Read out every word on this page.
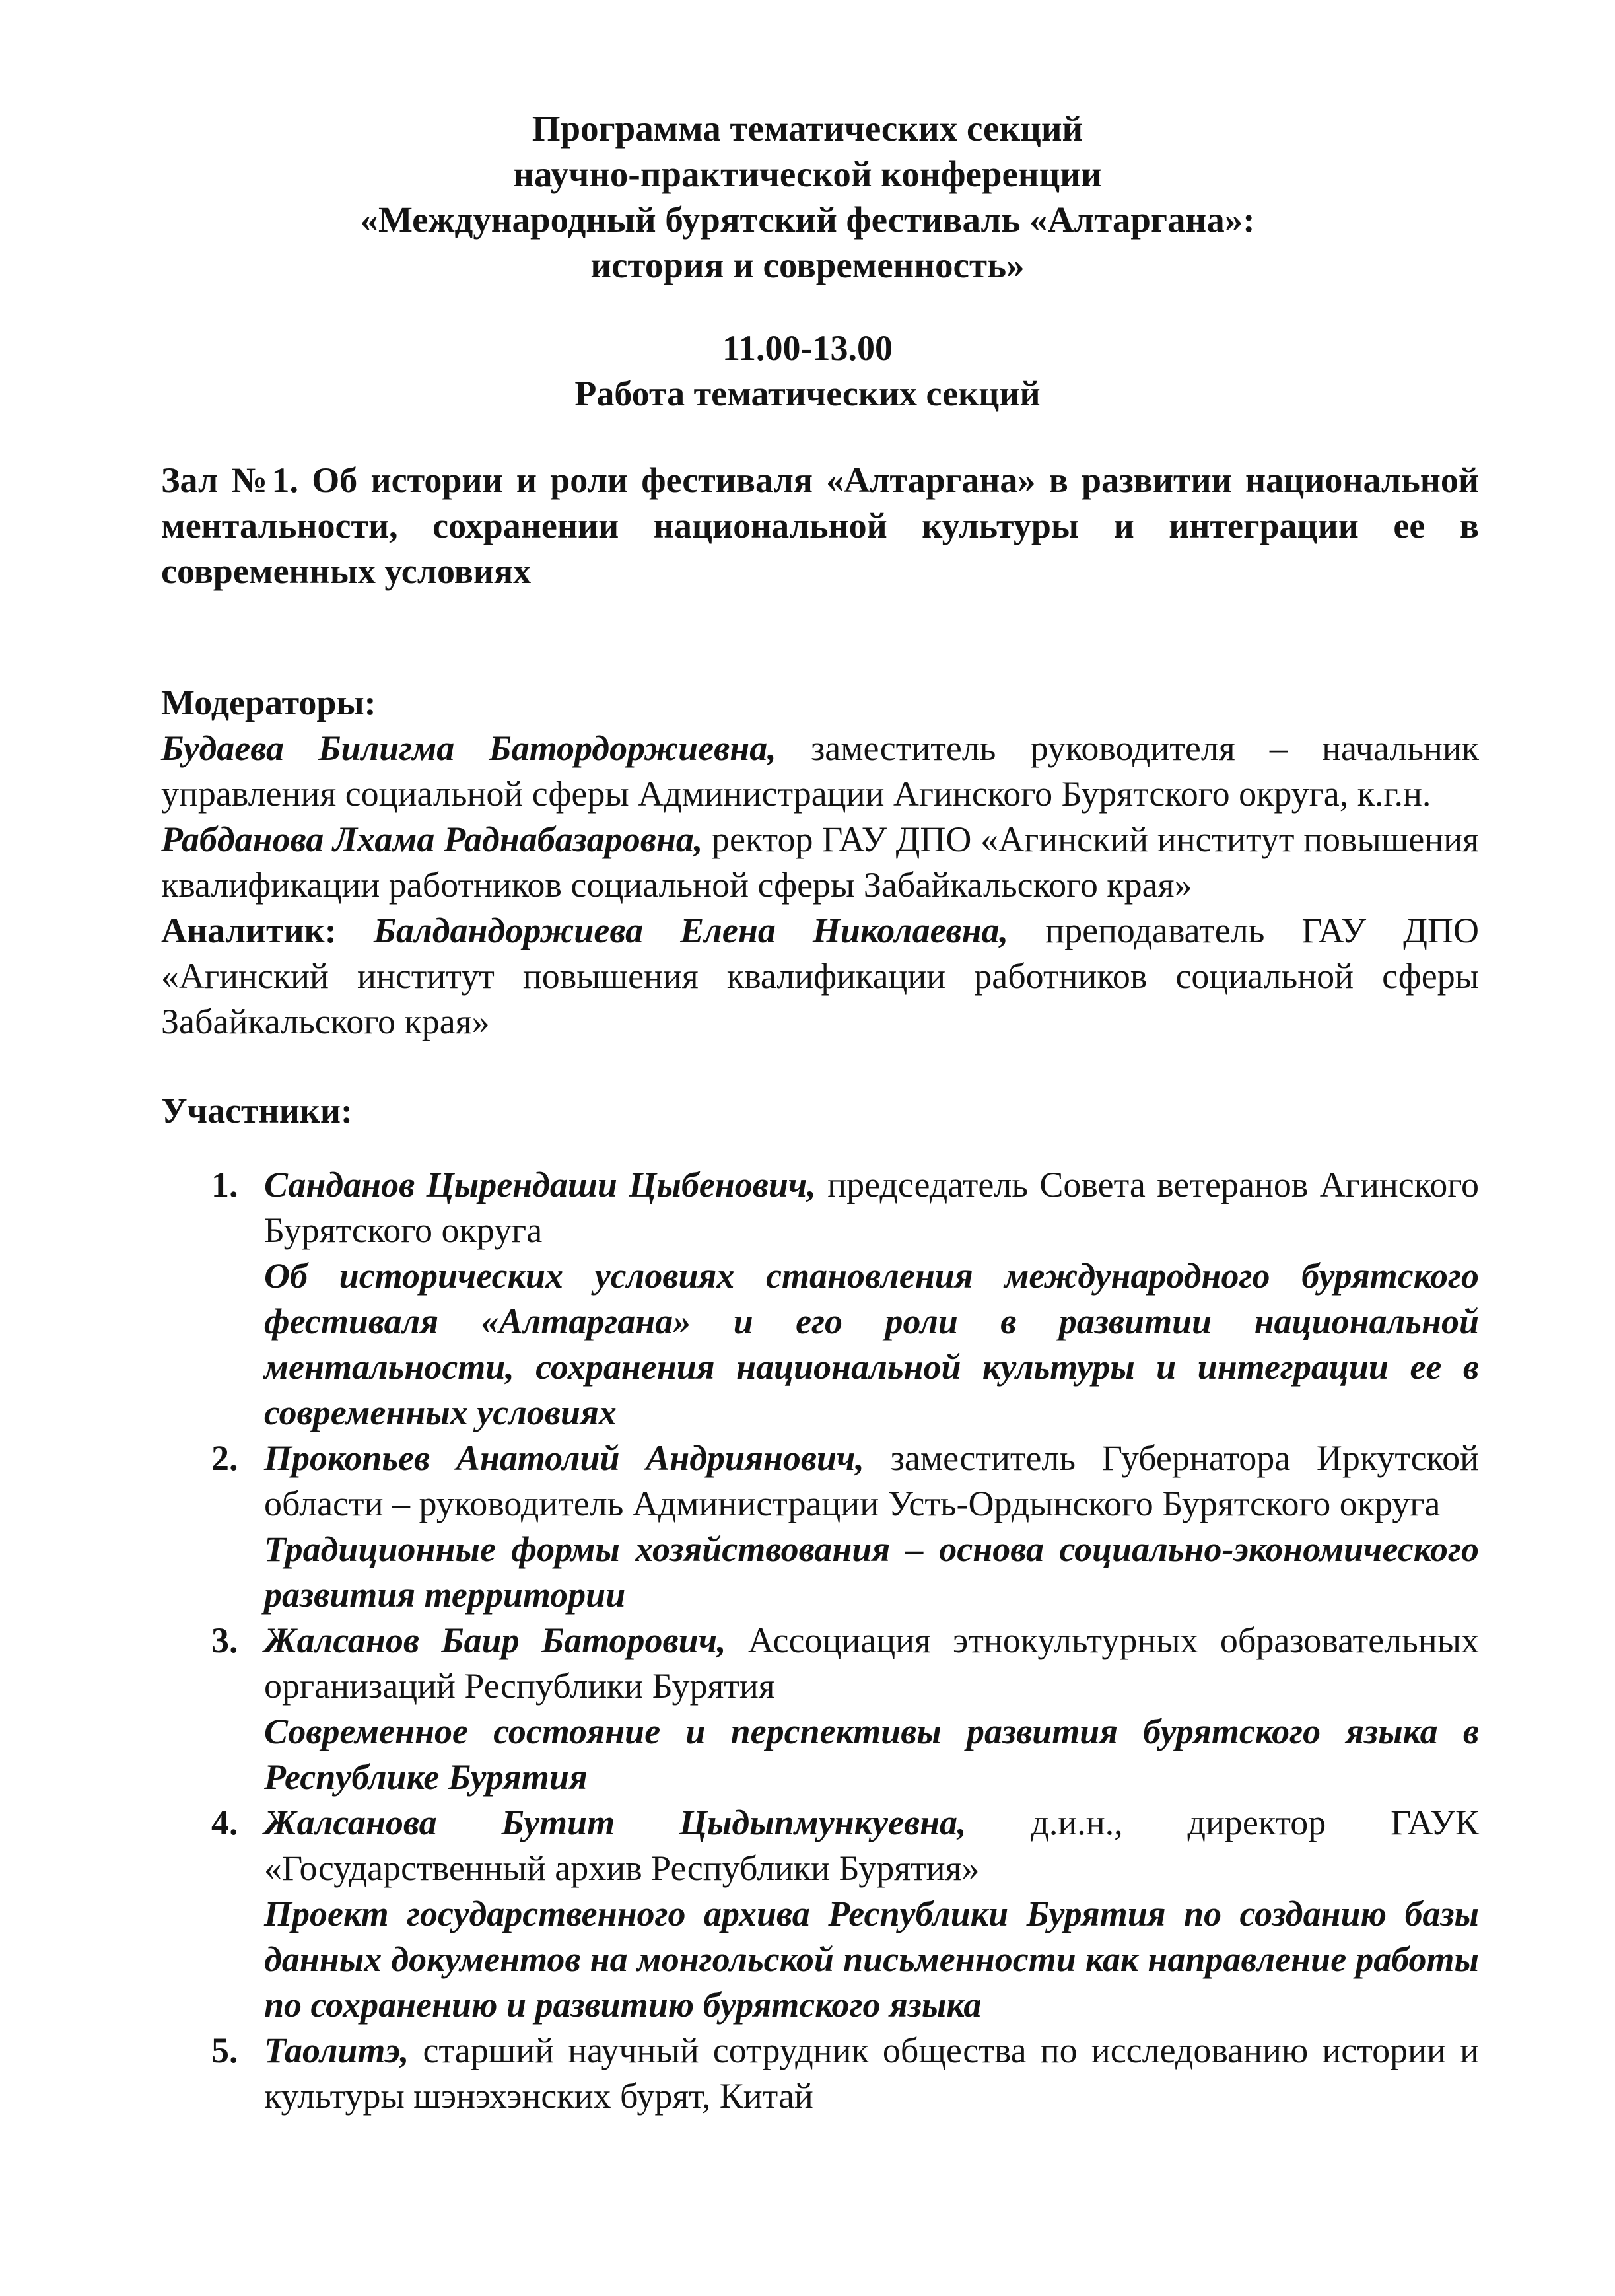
Программа тематических секций
научно-практической конференции
«Международный бурятский фестиваль «Алтаргана»:
история и современность»
11.00-13.00
Работа тематических секций
Зал №1. Об истории и роли фестиваля «Алтаргана» в развитии национальной ментальности, сохранении национальной культуры и интеграции ее в современных условиях
Модераторы:
Будаева Билигма Батордоржиевна, заместитель руководителя – начальник управления социальной сферы Администрации Агинского Бурятского округа, к.г.н.
Рабданова Лхама Раднабазаровна, ректор ГАУ ДПО «Агинский институт повышения квалификации работников социальной сферы Забайкальского края»
Аналитик: Балдандоржиева Елена Николаевна, преподаватель ГАУ ДПО «Агинский институт повышения квалификации работников социальной сферы Забайкальского края»
Участники:
1. Санданов Цырендаши Цыбенович, председатель Совета ветеранов Агинского Бурятского округа
Об исторических условиях становления международного бурятского фестиваля «Алтаргана» и его роли в развитии национальной ментальности, сохранения национальной культуры и интеграции ее в современных условиях
2. Прокопьев Анатолий Андриянович, заместитель Губернатора Иркутской области – руководитель Администрации Усть-Ордынского Бурятского округа
Традиционные формы хозяйствования – основа социально-экономического развития территории
3. Жалсанов Баир Баторович, Ассоциация этнокультурных образовательных организаций Республики Бурятия
Современное состояние и перспективы развития бурятского языка в Республике Бурятия
4. Жалсанова Бутит Цыдыпмункуевна, д.и.н., директор ГАУК «Государственный архив Республики Бурятия»
Проект государственного архива Республики Бурятия по созданию базы данных документов на монгольской письменности как направление работы по сохранению и развитию бурятского языка
5. Таолитэ, старший научный сотрудник общества по исследованию истории и культуры шэнэхэнских бурят, Китай
